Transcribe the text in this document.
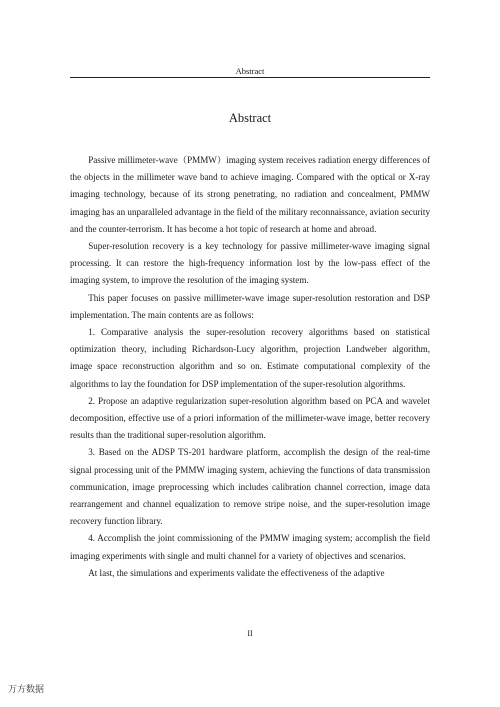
Abstract
Abstract

Passive millimeter-wave（PMMW）imaging system receives radiation energy differences of the objects in the millimeter wave band to achieve imaging. Compared with the optical or X-ray imaging technology, because of its strong penetrating, no radiation and concealment, PMMW imaging has an unparalleled advantage in the field of the military reconnaissance, aviation security and the counter-terrorism. It has become a hot topic of research at home and abroad.

Super-resolution recovery is a key technology for passive millimeter-wave imaging signal processing. It can restore the high-frequency information lost by the low-pass effect of the imaging system, to improve the resolution of the imaging system.

This paper focuses on passive millimeter-wave image super-resolution restoration and DSP implementation. The main contents are as follows:

1. Comparative analysis the super-resolution recovery algorithms based on statistical optimization theory, including Richardson-Lucy algorithm, projection Landweber algorithm, image space reconstruction algorithm and so on. Estimate computational complexity of the algorithms to lay the foundation for DSP implementation of the super-resolution algorithms.

2. Propose an adaptive regularization super-resolution algorithm based on PCA and wavelet decomposition, effective use of a priori information of the millimeter-wave image, better recovery results than the traditional super-resolution algorithm.

3. Based on the ADSP TS-201 hardware platform, accomplish the design of the real-time signal processing unit of the PMMW imaging system, achieving the functions of data transmission communication, image preprocessing which includes calibration channel correction, image data rearrangement and channel equalization to remove stripe noise, and the super-resolution image recovery function library.

4. Accomplish the joint commissioning of the PMMW imaging system; accomplish the field imaging experiments with single and multi channel for a variety of objectives and scenarios.

At last, the simulations and experiments validate the effectiveness of the adaptive

II
万方数据
